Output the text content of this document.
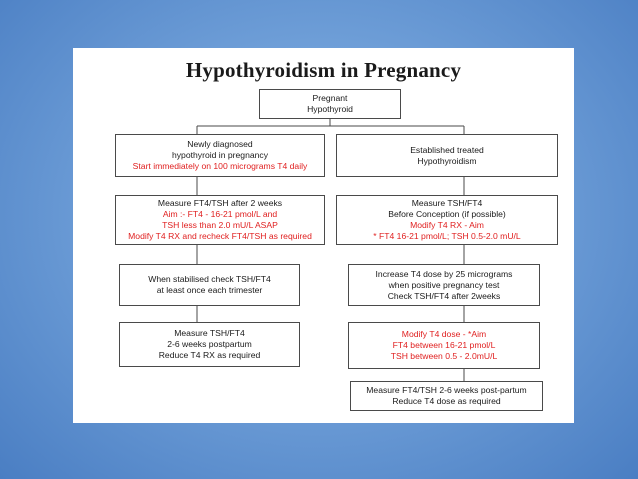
Hypothyroidism in Pregnancy
Pregnant
Hypothyroid
Newly diagnosed
hypothyroid in pregnancy
Start immediately on 100 micrograms T4 daily
Measure FT4/TSH after 2 weeks
Aim :- FT4 - 16-21 pmol/L and
TSH less than 2.0 mU/L ASAP
Modify T4 RX and recheck FT4/TSH as required
When stabilised check TSH/FT4
at least once each trimester
Measure TSH/FT4
2-6 weeks postpartum
Reduce T4 RX as required
Established treated
Hypothyroidism
Measure TSH/FT4
Before Conception (if possible)
Modify T4 RX - Aim
* FT4 16-21 pmol/L; TSH 0.5-2.0 mU/L
Increase T4 dose by 25 micrograms
when positive pregnancy test
Check TSH/FT4 after 2weeks
Modify T4 dose - *Aim
FT4 between 16-21 pmol/L
TSH between 0.5 - 2.0mU/L
Measure FT4/TSH 2-6 weeks post-partum
Reduce T4 dose as required
